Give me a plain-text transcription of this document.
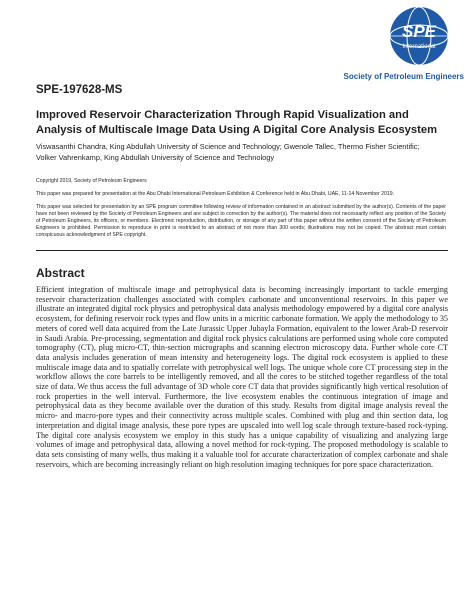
SPE
International
Society of Petroleum Engineers
SPE-197628-MS
Improved Reservoir Characterization Through Rapid Visualization and Analysis of Multiscale Image Data Using A Digital Core Analysis Ecosystem
Viswasanthi Chandra, King Abdullah University of Science and Technology; Gwenole Tallec, Thermo Fisher Scientific; Volker Vahrenkamp, King Abdullah University of Science and Technology
Copyright 2019, Society of Petroleum Engineers
This paper was prepared for presentation at the Abu Dhabi International Petroleum Exhibition & Conference held in Abu Dhabi, UAE, 11-14 November 2019.
This paper was selected for presentation by an SPE program committee following review of information contained in an abstract submitted by the author(s). Contents of the paper have not been reviewed by the Society of Petroleum Engineers and are subject to correction by the author(s). The material does not necessarily reflect any position of the Society of Petroleum Engineers, its officers, or members. Electronic reproduction, distribution, or storage of any part of this paper without the written consent of the Society of Petroleum Engineers is prohibited. Permission to reproduce in print is restricted to an abstract of not more than 300 words; illustrations may not be copied. The abstract must contain conspicuous acknowledgment of SPE copyright.
Abstract

Efficient integration of multiscale image and petrophysical data is becoming increasingly important to tackle emerging reservoir characterization challenges associated with complex carbonate and unconventional reservoirs. In this paper we illustrate an integrated digital rock physics and petrophysical data analysis methodology empowered by a digital core analysis ecosystem, for defining reservoir rock types and flow units in a micritic carbonate formation. We apply the methodology to 35 meters of cored well data acquired from the Late Jurassic Upper Jubayla Formation, equivalent to the lower Arab-D reservoir in Saudi Arabia. Pre-processing, segmentation and digital rock physics calculations are performed using whole core computed tomography (CT), plug micro-CT, thin-section micrographs and scanning electron microscopy data. Further whole core CT data analysis includes generation of mean intensity and heterogeneity logs. The digital rock ecosystem is applied to these multiscale image data and to spatially correlate with petrophysical well logs. The unique whole core CT processing step in the workflow allows the core barrels to be intelligently removed, and all the cores to be stitched together regardless of the total size of data. We thus access the full advantage of 3D whole core CT data that provides significantly high vertical resolution of rock properties in the well interval. Furthermore, the live ecosystem enables the continuous integration of image and petrophysical data as they become available over the duration of this study. Results from digital image analysis reveal the micro- and macro-pore types and their connectivity across multiple scales. Combined with plug and thin section data, log interpretation and digital image analysis, these pore types are upscaled into well log scale through texture-based rock-typing. The digital core analysis ecosystem we employ in this study has a unique capability of visualizing and analyzing large volumes of image and petrophysical data, allowing a novel method for rock-typing. The proposed methodology is scalable to data sets consisting of many wells, thus making it a valuable tool for accurate characterization of complex carbonate and shale reservoirs, which are becoming increasingly reliant on high resolution imaging techniques for pore space characterization.
